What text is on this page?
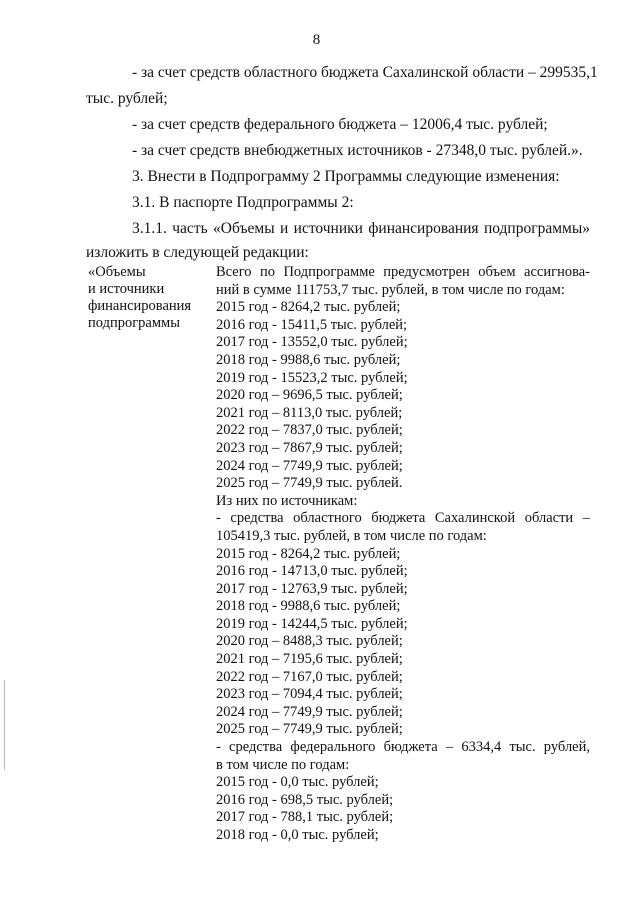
8
- за счет средств областного бюджета Сахалинской области – 299535,1
тыс. рублей;
- за счет средств федерального бюджета – 12006,4 тыс. рублей;
- за счет средств внебюджетных источников - 27348,0 тыс. рублей.».
3. Внести в Подпрограмму 2 Программы следующие изменения:
3.1. В паспорте Подпрограммы 2:
3.1.1. часть «Объемы и источники финансирования подпрограммы»
изложить в следующей редакции:
«Объемы
и источники
финансирования
подпрограммы
Всего по Подпрограмме предусмотрен объем ассигнова-
ний в сумме 111753,7 тыс. рублей, в том числе по годам:
2015 год - 8264,2 тыс. рублей;
2016 год - 15411,5 тыс. рублей;
2017 год - 13552,0 тыс. рублей;
2018 год - 9988,6 тыс. рублей;
2019 год - 15523,2 тыс. рублей;
2020 год – 9696,5 тыс. рублей;
2021 год – 8113,0 тыс. рублей;
2022 год – 7837,0 тыс. рублей;
2023 год – 7867,9 тыс. рублей;
2024 год – 7749,9 тыс. рублей;
2025 год – 7749,9 тыс. рублей.
Из них по источникам:
- средства областного бюджета Сахалинской области –
105419,3 тыс. рублей, в том числе по годам:
2015 год - 8264,2 тыс. рублей;
2016 год - 14713,0 тыс. рублей;
2017 год - 12763,9 тыс. рублей;
2018 год - 9988,6 тыс. рублей;
2019 год - 14244,5 тыс. рублей;
2020 год – 8488,3 тыс. рублей;
2021 год – 7195,6 тыс. рублей;
2022 год – 7167,0 тыс. рублей;
2023 год – 7094,4 тыс. рублей;
2024 год – 7749,9 тыс. рублей;
2025 год – 7749,9 тыс. рублей;
- средства федерального бюджета – 6334,4 тыс. рублей,
в том числе по годам:
2015 год - 0,0 тыс. рублей;
2016 год - 698,5 тыс. рублей;
2017 год - 788,1 тыс. рублей;
2018 год - 0,0 тыс. рублей;
